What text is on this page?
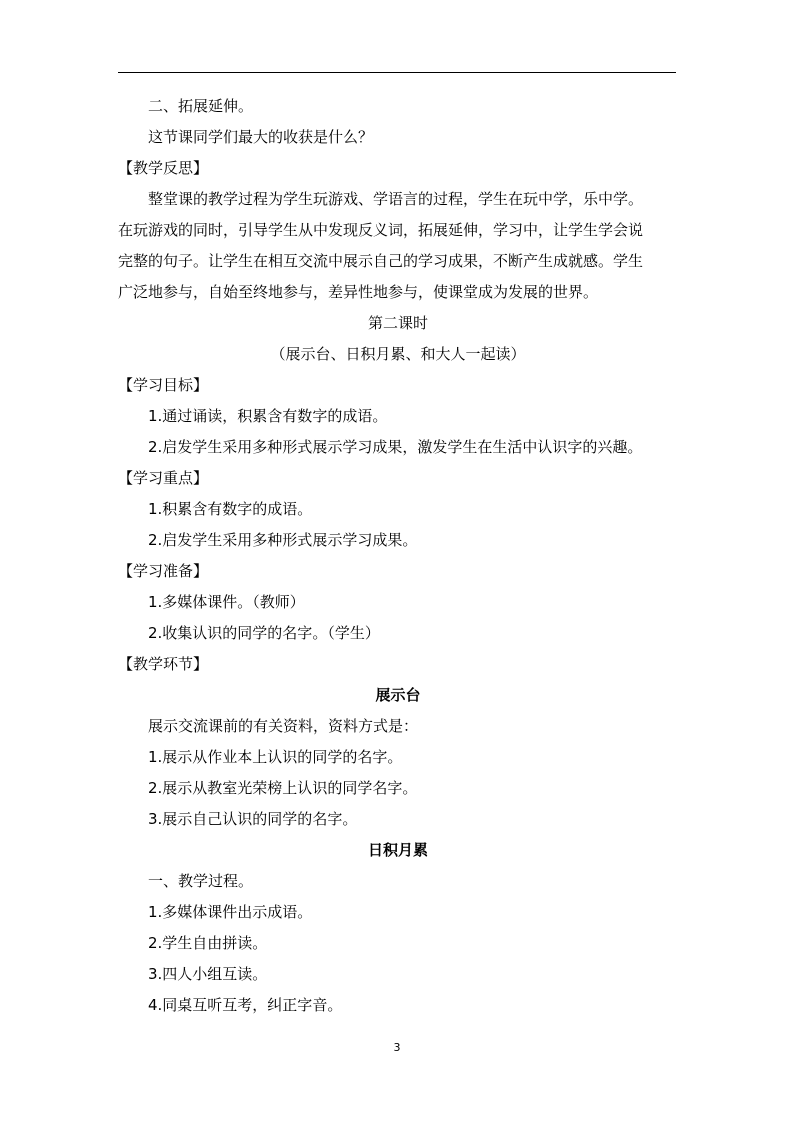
二、拓展延伸。
这节课同学们最大的收获是什么？
【教学反思】
整堂课的教学过程为学生玩游戏、学语言的过程，学生在玩中学，乐中学。
在玩游戏的同时，引导学生从中发现反义词，拓展延伸，学习中，让学生学会说
完整的句子。让学生在相互交流中展示自己的学习成果，不断产生成就感。学生
广泛地参与，自始至终地参与，差异性地参与，使课堂成为发展的世界。
第二课时
（展示台、日积月累、和大人一起读）
【学习目标】
1.通过诵读，积累含有数字的成语。
2.启发学生采用多种形式展示学习成果，激发学生在生活中认识字的兴趣。
【学习重点】
1.积累含有数字的成语。
2.启发学生采用多种形式展示学习成果。
【学习准备】
1.多媒体课件。（教师）
2.收集认识的同学的名字。（学生）
【教学环节】
展示台
展示交流课前的有关资料，资料方式是：
1.展示从作业本上认识的同学的名字。
2.展示从教室光荣榜上认识的同学名字。
3.展示自己认识的同学的名字。
日积月累
一、教学过程。
1.多媒体课件出示成语。
2.学生自由拼读。
3.四人小组互读。
4.同桌互听互考，纠正字音。
3
